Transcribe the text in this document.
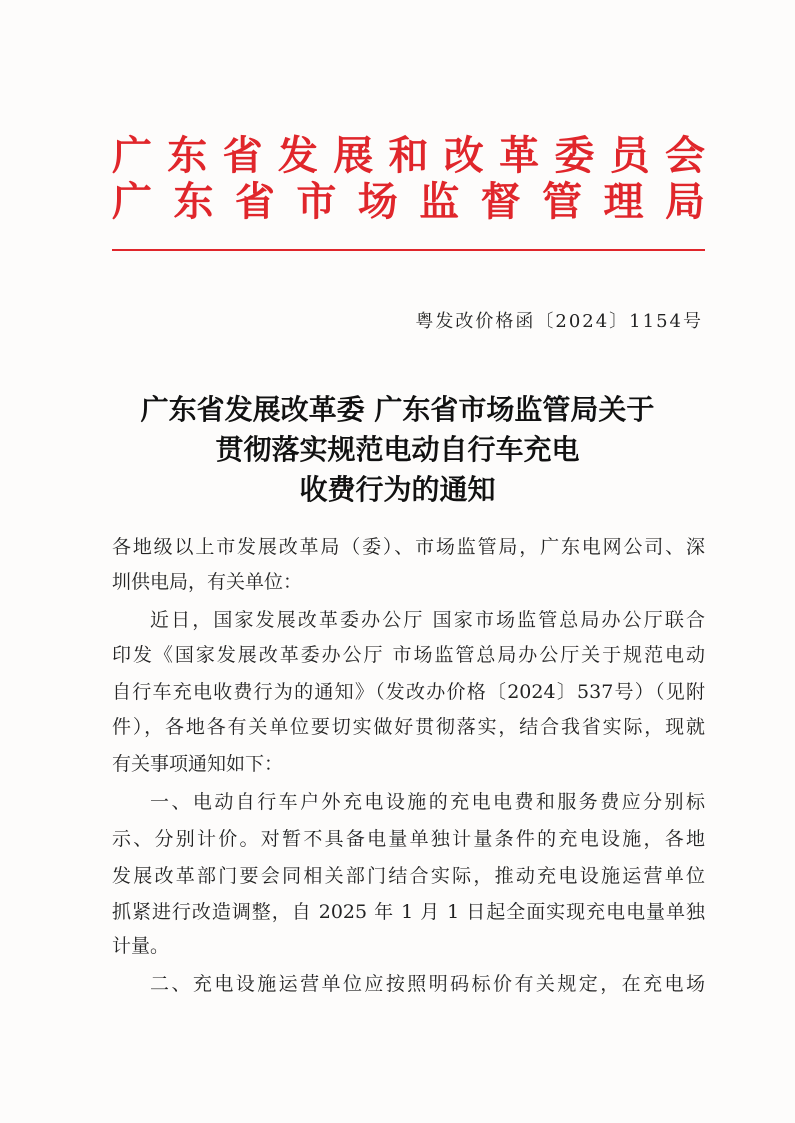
广东省发展和改革委员会
广东省市场监督管理局
粤发改价格函〔2024〕1154号
广东省发展改革委 广东省市场监管局关于
贯彻落实规范电动自行车充电
收费行为的通知
各地级以上市发展改革局（委）、市场监管局，广东电网公司、深
圳供电局，有关单位：
近日，国家发展改革委办公厅 国家市场监管总局办公厅联合
印发《国家发展改革委办公厅 市场监管总局办公厅关于规范电动
自行车充电收费行为的通知》（发改办价格〔2024〕537号）（见附
件），各地各有关单位要切实做好贯彻落实，结合我省实际，现就
有关事项通知如下：
一、电动自行车户外充电设施的充电电费和服务费应分别标
示、分别计价。对暂不具备电量单独计量条件的充电设施，各地
发展改革部门要会同相关部门结合实际，推动充电设施运营单位
抓紧进行改造调整，自 2025 年 1 月 1 日起全面实现充电电量单独
计量。
二、充电设施运营单位应按照明码标价有关规定，在充电场
